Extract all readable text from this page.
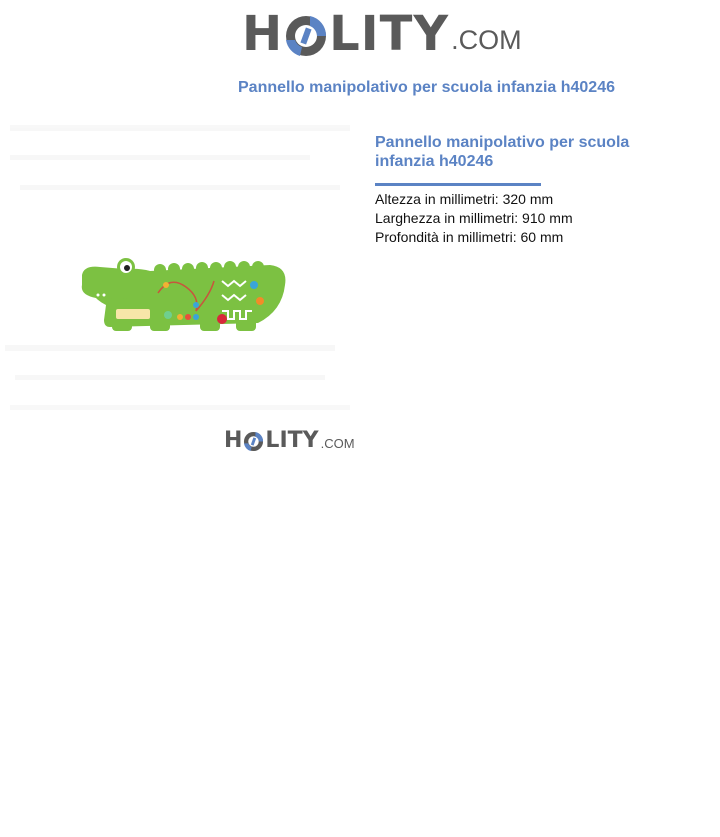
H LITY .COM
Pannello manipolativo per scuola infanzia h40246
H LITY .COM
Pannello manipolativo per scuola infanzia h40246
Altezza in millimetri: 320 mm
Larghezza in millimetri: 910 mm
Profondità in millimetri: 60 mm
